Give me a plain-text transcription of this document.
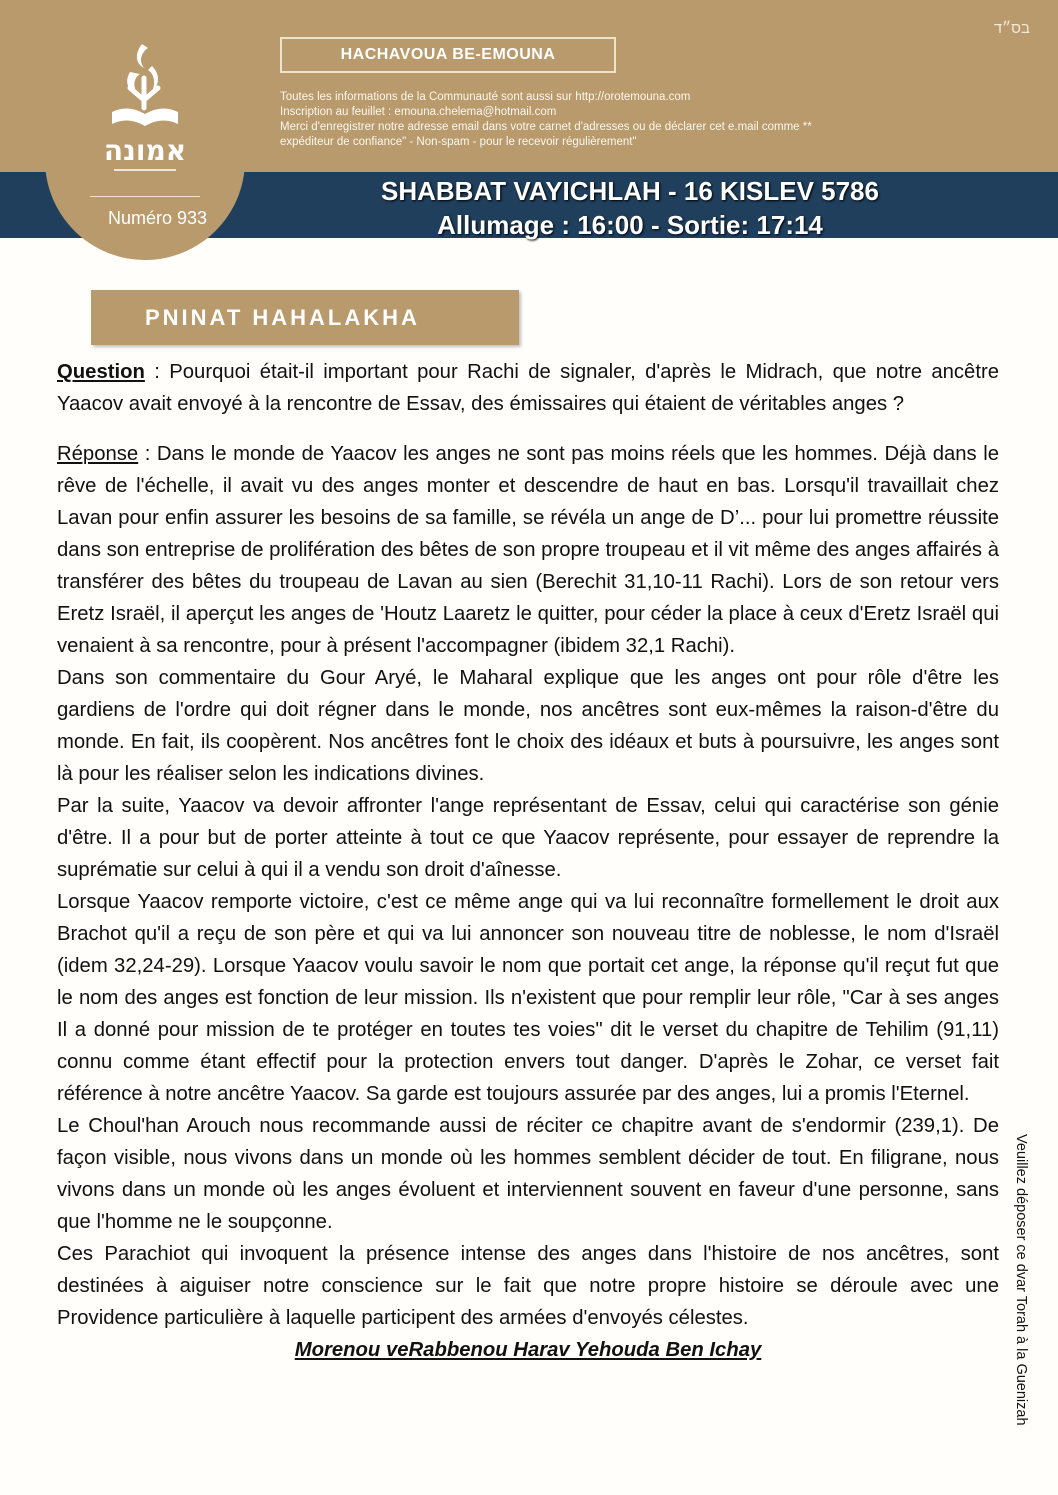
בס״ד
HACHAVOUA BE-EMOUNA
Toutes les informations de la Communauté sont aussi sur http://orotemouna.com
Inscription au feuillet : emouna.chelema@hotmail.com
Merci d'enregistrer notre adresse email dans votre carnet d'adresses ou de déclarer cet e.mail comme **
expéditeur de confiance" - Non-spam - pour le recevoir régulièrement"
SHABBAT VAYICHLAH - 16 KISLEV 5786
Allumage : 16:00 - Sortie: 17:14
אמונה
Numéro 933
PNINAT HAHALAKHA

Question : Pourquoi était-il important pour Rachi de signaler, d'après le Midrach, que notre ancêtre Yaacov avait envoyé à la rencontre de Essav, des émissaires qui étaient de véritables anges ?

Réponse : Dans le monde de Yaacov les anges ne sont pas moins réels que les hommes. Déjà dans le rêve de l'échelle, il avait vu des anges monter et descendre de haut en bas. Lorsqu'il travaillait chez Lavan pour enfin assurer les besoins de sa famille, se révéla un ange de D’... pour lui promettre réussite dans son entreprise de prolifération des bêtes de son propre troupeau et il vit même des anges affairés à transférer des bêtes du troupeau de Lavan au sien (Berechit 31,10-11 Rachi). Lors de son retour vers Eretz Israël, il aperçut les anges de 'Houtz Laaretz le quitter, pour céder la place à ceux d'Eretz Israël qui venaient à sa rencontre, pour à présent l'accompagner (ibidem 32,1 Rachi).

Dans son commentaire du Gour Aryé, le Maharal explique que les anges ont pour rôle d'être les gardiens de l'ordre qui doit régner dans le monde, nos ancêtres sont eux-mêmes la raison-d'être du monde. En fait, ils coopèrent. Nos ancêtres font le choix des idéaux et buts à poursuivre, les anges sont là pour les réaliser selon les indications divines.

Par la suite, Yaacov va devoir affronter l'ange représentant de Essav, celui qui caractérise son génie d'être. Il a pour but de porter atteinte à tout ce que Yaacov représente, pour essayer de reprendre la suprématie sur celui à qui il a vendu son droit d'aînesse.

Lorsque Yaacov remporte victoire, c'est ce même ange qui va lui reconnaître formellement le droit aux Brachot qu'il a reçu de son père et qui va lui annoncer son nouveau titre de noblesse, le nom d'Israël (idem 32,24-29). Lorsque Yaacov voulu savoir le nom que portait cet ange, la réponse qu'il reçut fut que le nom des anges est fonction de leur mission. Ils n'existent que pour remplir leur rôle, "Car à ses anges Il a donné pour mission de te protéger en toutes tes voies" dit le verset du chapitre de Tehilim (91,11) connu comme étant effectif pour la protection envers tout danger. D'après le Zohar, ce verset fait référence à notre ancêtre Yaacov. Sa garde est toujours assurée par des anges, lui a promis l'Eternel.

Le Choul'han Arouch nous recommande aussi de réciter ce chapitre avant de s'endormir (239,1). De façon visible, nous vivons dans un monde où les hommes semblent décider de tout. En filigrane, nous vivons dans un monde où les anges évoluent et interviennent souvent en faveur d'une personne, sans que l'homme ne le soupçonne.

Ces Parachiot qui invoquent la présence intense des anges dans l'histoire de nos ancêtres, sont destinées à aiguiser notre conscience sur le fait que notre propre histoire se déroule avec une Providence particulière à laquelle participent des armées d'envoyés célestes.

Morenou veRabbenou Harav Yehouda Ben Ichay	Veuillez déposer ce dvar Torah à la Guenizah
